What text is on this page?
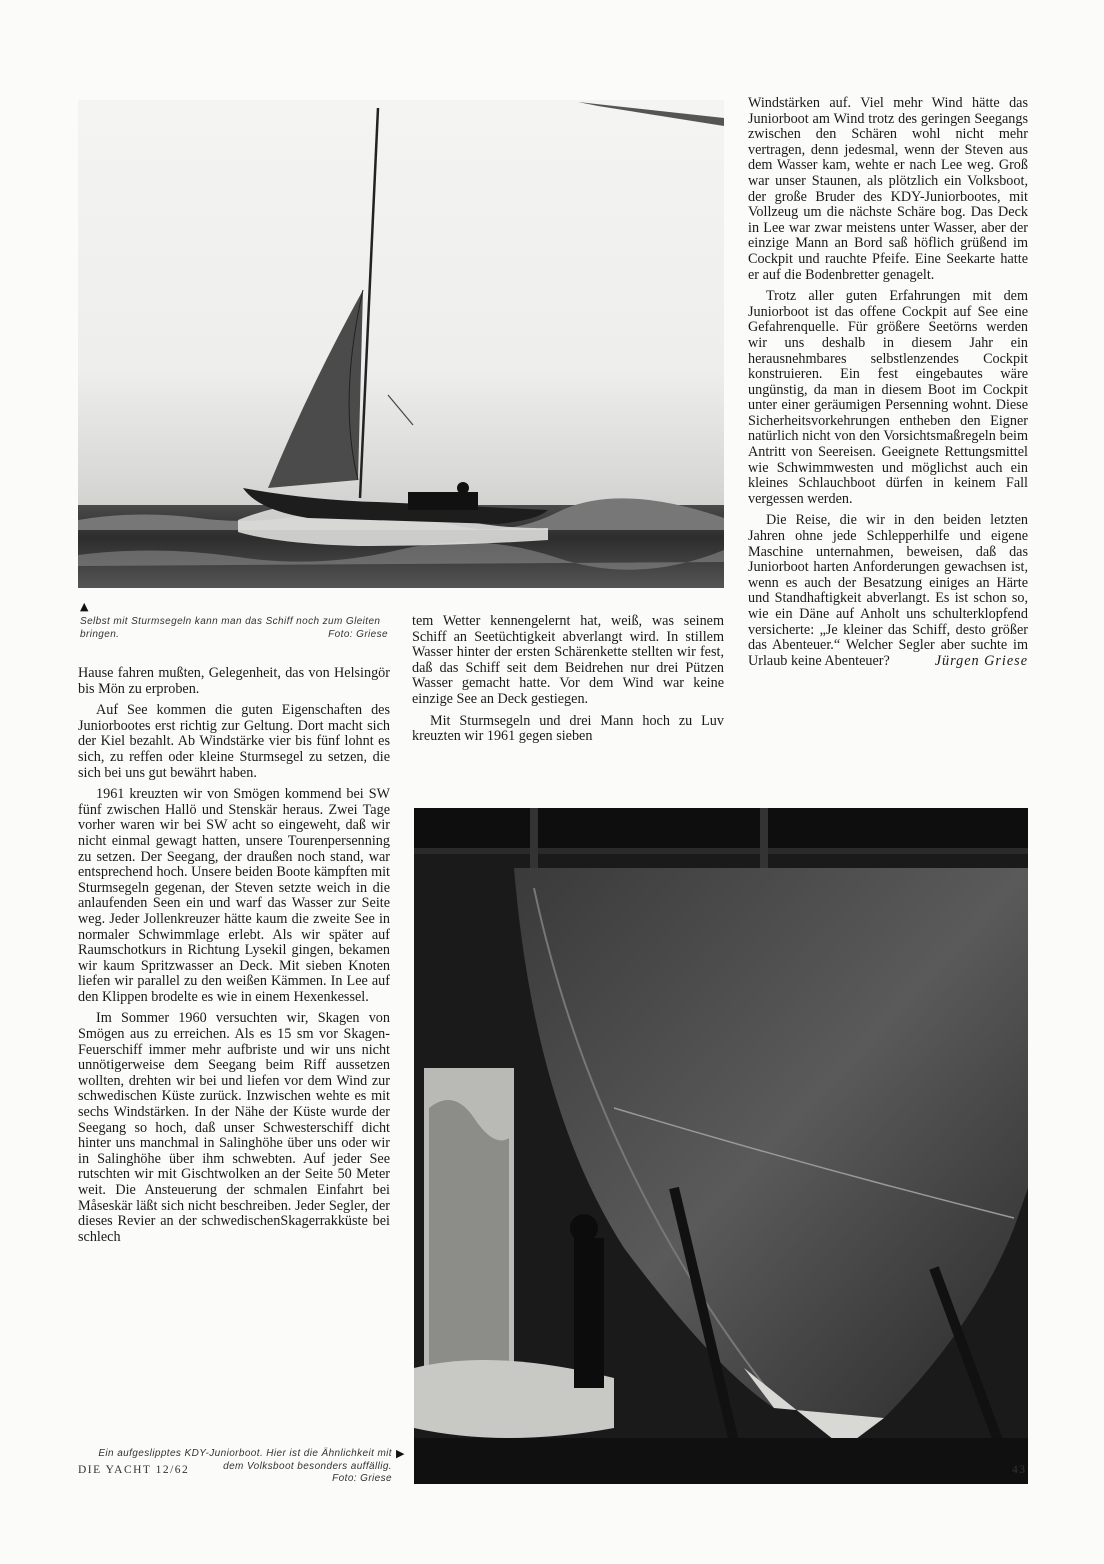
▲
Selbst mit Sturmsegeln kann man das Schiff noch zum Gleiten bringen.	Foto: Griese

Hause fahren mußten, Gelegenheit, das von Helsingör bis Mön zu erproben.

Auf See kommen die guten Eigenschaften des Juniorbootes erst richtig zur Geltung. Dort macht sich der Kiel bezahlt. Ab Windstärke vier bis fünf lohnt es sich, zu reffen oder kleine Sturmsegel zu setzen, die sich bei uns gut bewährt haben.

1961 kreuzten wir von Smögen kommend bei SW fünf zwischen Hallö und Stenskär heraus. Zwei Tage vorher waren wir bei SW acht so eingeweht, daß wir nicht einmal gewagt hatten, unsere Tourenpersenning zu setzen. Der Seegang, der draußen noch stand, war entsprechend hoch. Unsere beiden Boote kämpften mit Sturmsegeln gegenan, der Steven setzte weich in die anlaufenden Seen ein und warf das Wasser zur Seite weg. Jeder Jollenkreuzer hätte kaum die zweite See in normaler Schwimmlage erlebt. Als wir später auf Raumschotkurs in Richtung Lysekil gingen, bekamen wir kaum Spritzwasser an Deck. Mit sieben Knoten liefen wir parallel zu den weißen Kämmen. In Lee auf den Klippen brodelte es wie in einem Hexenkessel.

Im Sommer 1960 versuchten wir, Skagen von Smögen aus zu erreichen. Als es 15 sm vor Skagen-Feuerschiff immer mehr aufbriste und wir uns nicht unnötigerweise dem Seegang beim Riff aussetzen wollten, drehten wir bei und liefen vor dem Wind zur schwedischen Küste zurück. Inzwischen wehte es mit sechs Windstärken. In der Nähe der Küste wurde der Seegang so hoch, daß unser Schwesterschiff dicht hinter uns manchmal in Salinghöhe über uns oder wir in Salinghöhe über ihm schwebten. Auf jeder See rutschten wir mit Gischtwolken an der Seite 50 Meter weit. Die Ansteuerung der schmalen Einfahrt bei Måseskär läßt sich nicht beschreiben. Jeder Segler, der dieses Revier an der schwedischenSkagerrakküste bei schlech

tem Wetter kennengelernt hat, weiß, was seinem Schiff an Seetüchtigkeit abverlangt wird. In stillem Wasser hinter der ersten Schärenkette stellten wir fest, daß das Schiff seit dem Beidrehen nur drei Pützen Wasser gemacht hatte. Vor dem Wind war keine einzige See an Deck gestiegen.

Mit Sturmsegeln und drei Mann hoch zu Luv kreuzten wir 1961 gegen sieben

Windstärken auf. Viel mehr Wind hätte das Juniorboot am Wind trotz des geringen Seegangs zwischen den Schären wohl nicht mehr vertragen, denn jedesmal, wenn der Steven aus dem Wasser kam, wehte er nach Lee weg. Groß war unser Staunen, als plötzlich ein Volksboot, der große Bruder des KDY-Juniorbootes, mit Vollzeug um die nächste Schäre bog. Das Deck in Lee war zwar meistens unter Wasser, aber der einzige Mann an Bord saß höflich grüßend im Cockpit und rauchte Pfeife. Eine Seekarte hatte er auf die Bodenbretter genagelt.

Trotz aller guten Erfahrungen mit dem Juniorboot ist das offene Cockpit auf See eine Gefahrenquelle. Für größere Seetörns werden wir uns deshalb in diesem Jahr ein herausnehmbares selbstlenzendes Cockpit konstruieren. Ein fest eingebautes wäre ungünstig, da man in diesem Boot im Cockpit unter einer geräumigen Persenning wohnt. Diese Sicherheitsvorkehrungen entheben den Eigner natürlich nicht von den Vorsichtsmaßregeln beim Antritt von Seereisen. Geeignete Rettungsmittel wie Schwimmwesten und möglichst auch ein kleines Schlauchboot dürfen in keinem Fall vergessen werden.

Die Reise, die wir in den beiden letzten Jahren ohne jede Schlepperhilfe und eigene Maschine unternahmen, beweisen, daß das Juniorboot harten Anforderungen gewachsen ist, wenn es auch der Besatzung einiges an Härte und Standhaftigkeit abverlangt. Es ist schon so, wie ein Däne auf Anholt uns schulterklopfend versicherte: „Je kleiner das Schiff, desto größer das Abenteuer.“ Welcher Segler aber suchte im Urlaub keine Abenteuer?	Jürgen Griese

Ein aufgeslipptes KDY-Juniorboot. Hier ist die Ähnlichkeit mit dem Volksboot besonders auffällig.
Foto: Griese
▶
DIE YACHT 12/62	43
